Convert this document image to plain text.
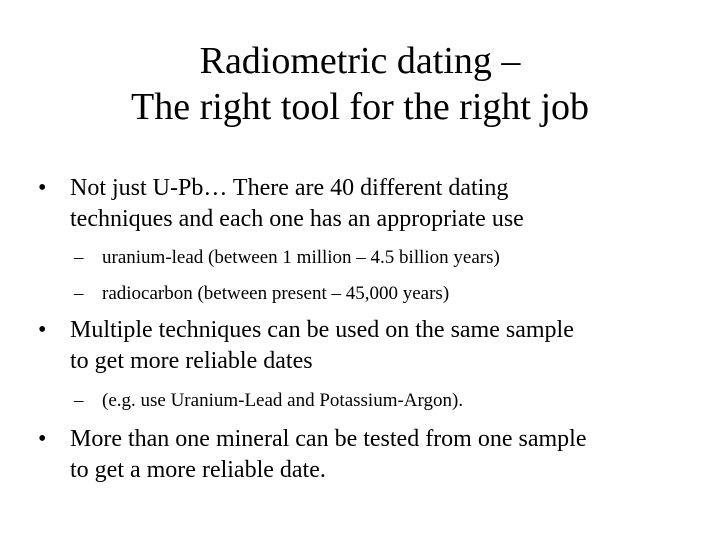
Radiometric dating –
The right tool for the right job
• Not just U-Pb… There are 40 different dating
techniques and each one has an appropriate use
– uranium-lead (between 1 million – 4.5 billion years)
– radiocarbon (between present – 45,000 years)
• Multiple techniques can be used on the same sample
to get more reliable dates
– (e.g. use Uranium-Lead and Potassium-Argon).
• More than one mineral can be tested from one sample
to get a more reliable date.
